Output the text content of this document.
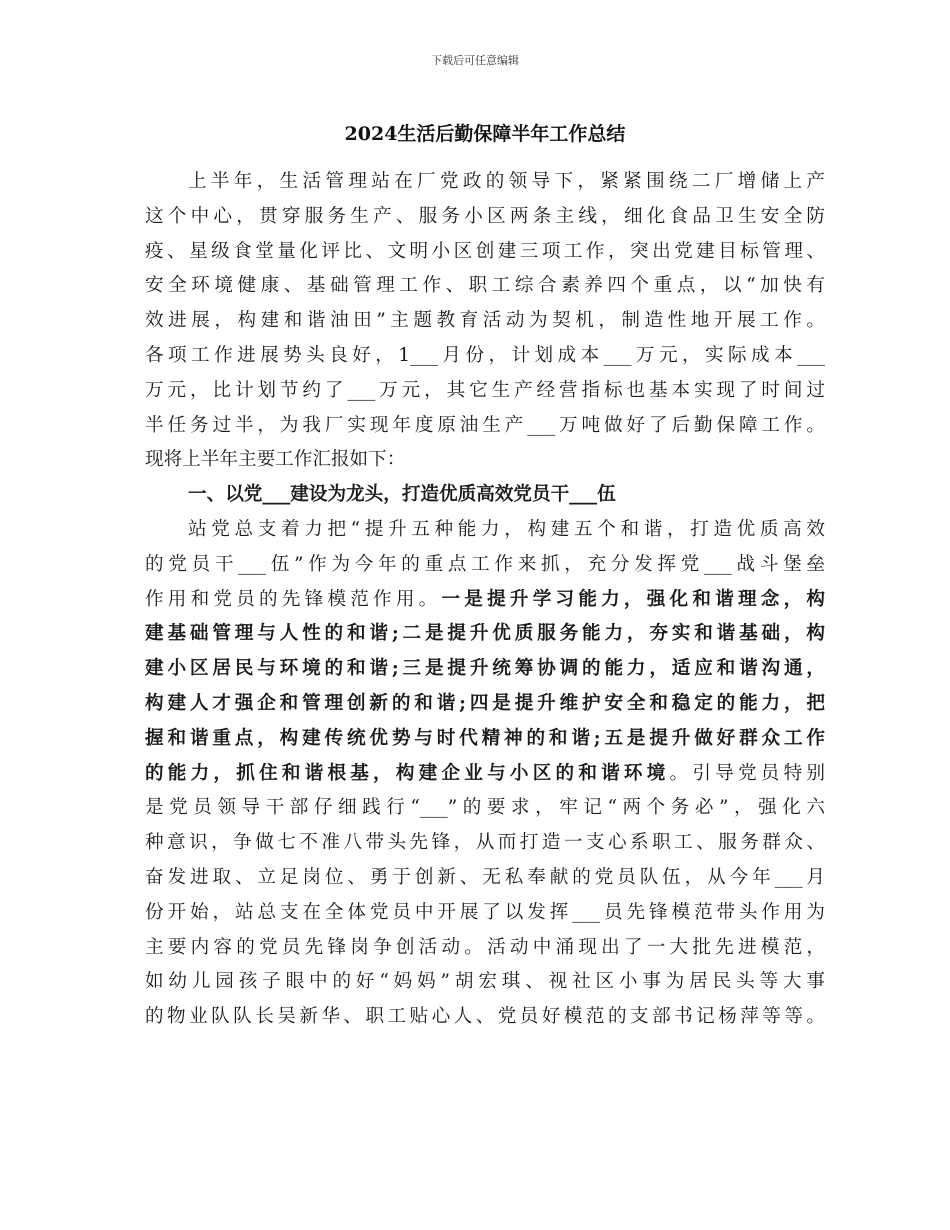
下载后可任意编辑
2024生活后勤保障半年工作总结
上半年，生活管理站在厂党政的领导下，紧紧围绕二厂增储上产
这个中心，贯穿服务生产、服务小区两条主线，细化食品卫生安全防
疫、星级食堂量化评比、文明小区创建三项工作，突出党建目标管理、
安全环境健康、基础管理工作、职工综合素养四个重点，以“加快有
效进展，构建和谐油田”主题教育活动为契机，制造性地开展工作。
各项工作进展势头良好，1___月份，计划成本___万元，实际成本___
万元，比计划节约了___万元，其它生产经营指标也基本实现了时间过
半任务过半，为我厂实现年度原油生产___万吨做好了后勤保障工作。
现将上半年主要工作汇报如下：
一、以党___建设为龙头，打造优质高效党员干___伍
站党总支着力把“提升五种能力，构建五个和谐，打造优质高效
的党员干___伍”作为今年的重点工作来抓，充分发挥党___战斗堡垒
作用和党员的先锋模范作用。一是提升学习能力，强化和谐理念，构
建基础管理与人性的和谐;二是提升优质服务能力，夯实和谐基础，构
建小区居民与环境的和谐;三是提升统筹协调的能力，适应和谐沟通，
构建人才强企和管理创新的和谐;四是提升维护安全和稳定的能力，把
握和谐重点，构建传统优势与时代精神的和谐;五是提升做好群众工作
的能力，抓住和谐根基，构建企业与小区的和谐环境。引导党员特别
是党员领导干部仔细践行“___”的要求，牢记“两个务必”，强化六
种意识，争做七不准八带头先锋，从而打造一支心系职工、服务群众、
奋发进取、立足岗位、勇于创新、无私奉献的党员队伍，从今年___月
份开始，站总支在全体党员中开展了以发挥___员先锋模范带头作用为
主要内容的党员先锋岗争创活动。活动中涌现出了一大批先进模范，
如幼儿园孩子眼中的好“妈妈”胡宏琪、视社区小事为居民头等大事
的物业队队长吴新华、职工贴心人、党员好模范的支部书记杨萍等等。
